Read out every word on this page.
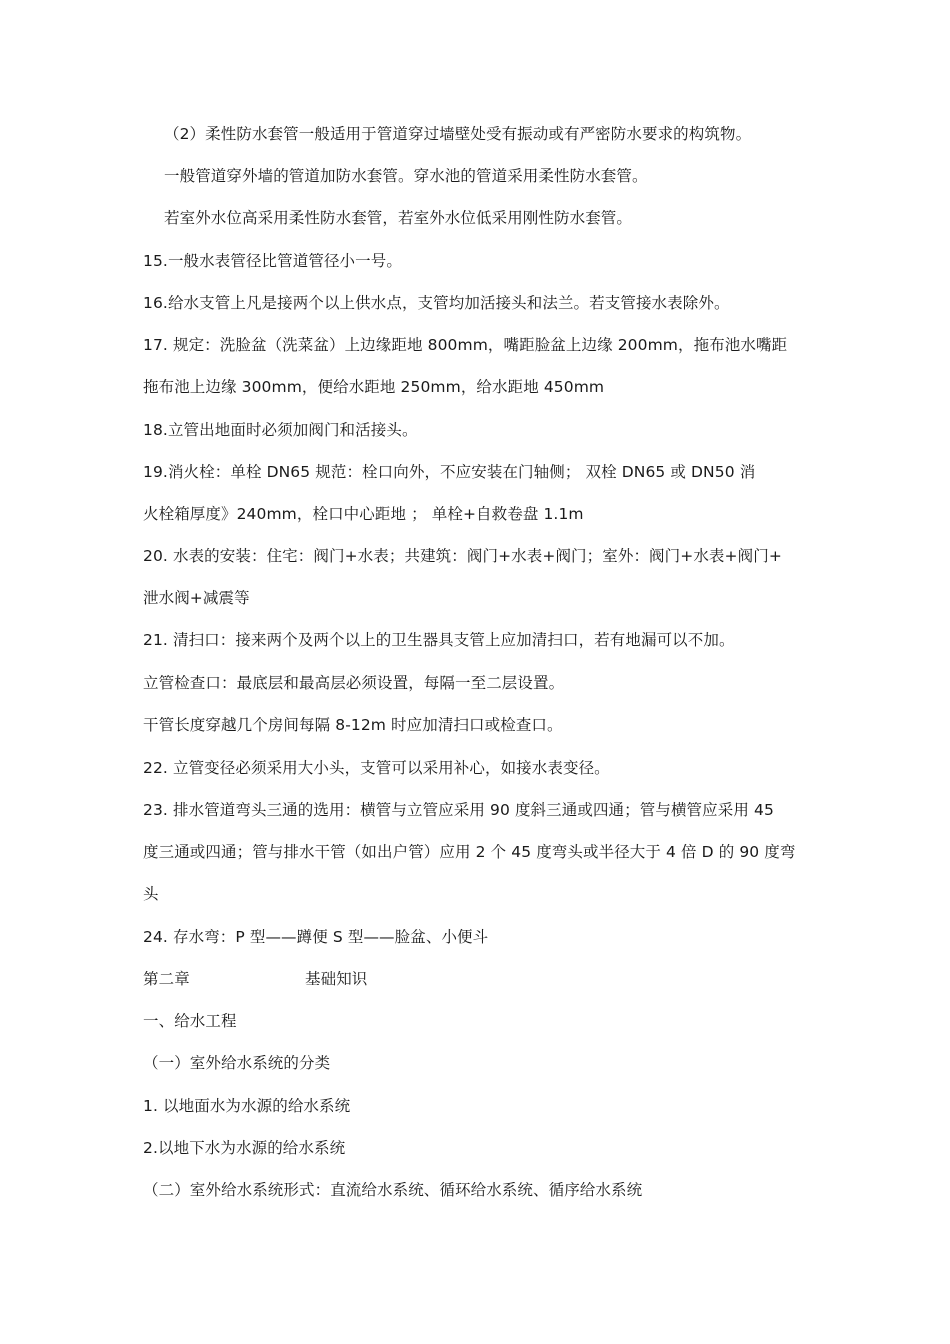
（2）柔性防水套管一般适用于管道穿过墙壁处受有振动或有严密防水要求的构筑物。
一般管道穿外墙的管道加防水套管。穿水池的管道采用柔性防水套管。
若室外水位高采用柔性防水套管，若室外水位低采用刚性防水套管。
15.一般水表管径比管道管径小一号。
16.给水支管上凡是接两个以上供水点，支管均加活接头和法兰。若支管接水表除外。
17. 规定：洗脸盆（洗菜盆）上边缘距地 800mm，嘴距脸盆上边缘 200mm，拖布池水嘴距
拖布池上边缘 300mm，便给水距地 250mm，给水距地 450mm
18.立管出地面时必须加阀门和活接头。
19.消火栓：单栓 DN65 规范：栓口向外，不应安装在门轴侧； 双栓 DN65 或 DN50 消
火栓箱厚度》240mm，栓口中心距地 ； 单栓+自救卷盘 1.1m
20. 水表的安装：住宅：阀门+水表；共建筑：阀门+水表+阀门；室外：阀门+水表+阀门+
泄水阀+减震等
21. 清扫口：接来两个及两个以上的卫生器具支管上应加清扫口，若有地漏可以不加。
立管检查口：最底层和最高层必须设置，每隔一至二层设置。
干管长度穿越几个房间每隔 8-12m 时应加清扫口或检查口。
22. 立管变径必须采用大小头，支管可以采用补心，如接水表变径。
23. 排水管道弯头三通的选用：横管与立管应采用 90 度斜三通或四通；管与横管应采用 45
度三通或四通；管与排水干管（如出户管）应用 2 个 45 度弯头或半径大于 4 倍 D 的 90 度弯
头
24. 存水弯：P 型——蹲便 S 型——脸盆、小便斗
第二章	基础知识
一、给水工程
（一）室外给水系统的分类
1. 以地面水为水源的给水系统
2.以地下水为水源的给水系统
（二）室外给水系统形式：直流给水系统、循环给水系统、循序给水系统
